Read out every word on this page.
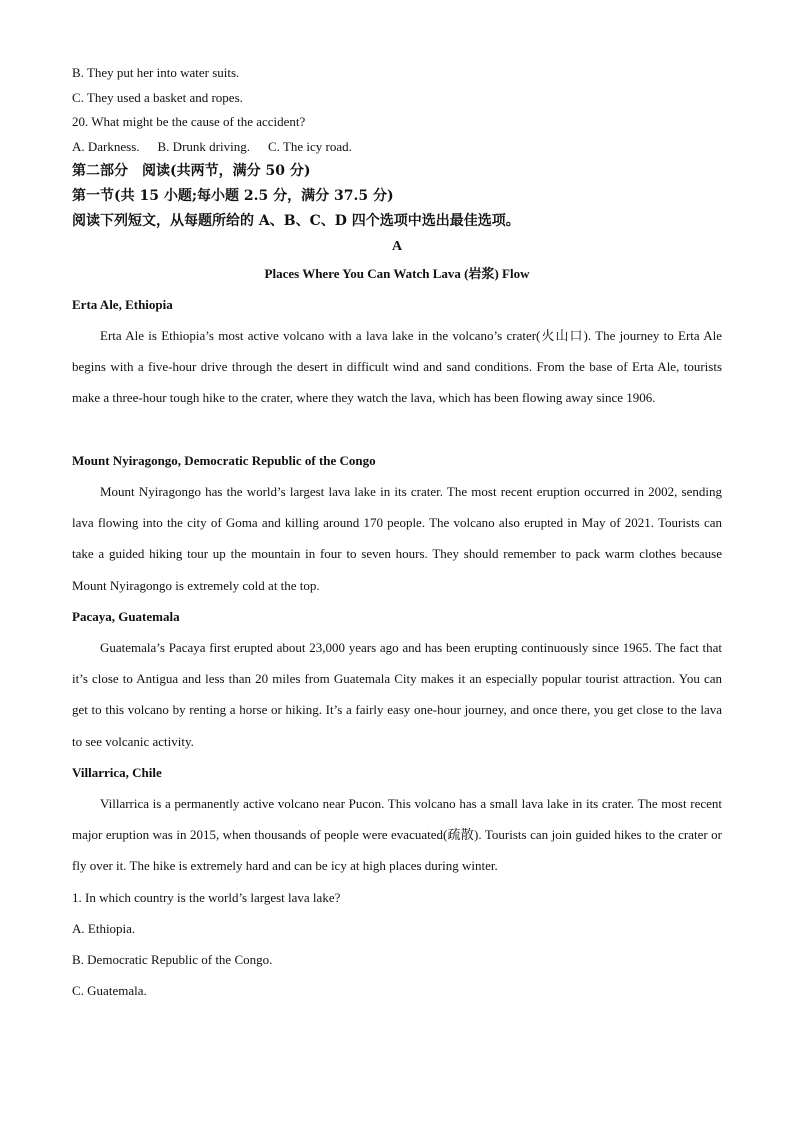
B. They put her into water suits.
C. They used a basket and ropes.
20. What might be the cause of the accident?
A. Darkness. B. Drunk driving. C. The icy road.
第二部分　阅读(共两节，满分 50 分)
第一节(共 15 小题;每小题 2.5 分，满分 37.5 分)
阅读下列短文，从每题所给的 A、B、C、D 四个选项中选出最佳选项。
A
Places Where You Can Watch Lava (岩浆) Flow
Erta Ale, Ethiopia
Erta Ale is Ethiopia’s most active volcano with a lava lake in the volcano’s crater(火山口). The journey to Erta Ale begins with a five-hour drive through the desert in difficult wind and sand conditions. From the base of Erta Ale, tourists make a three-hour tough hike to the crater, where they watch the lava, which has been flowing away since 1906.
Mount Nyiragongo, Democratic Republic of the Congo
Mount Nyiragongo has the world’s largest lava lake in its crater. The most recent eruption occurred in 2002, sending lava flowing into the city of Goma and killing around 170 people. The volcano also erupted in May of 2021. Tourists can take a guided hiking tour up the mountain in four to seven hours. They should remember to pack warm clothes because Mount Nyiragongo is extremely cold at the top.
Pacaya, Guatemala
Guatemala’s Pacaya first erupted about 23,000 years ago and has been erupting continuously since 1965. The fact that it’s close to Antigua and less than 20 miles from Guatemala City makes it an especially popular tourist attraction. You can get to this volcano by renting a horse or hiking. It’s a fairly easy one-hour journey, and once there, you get close to the lava to see volcanic activity.
Villarrica, Chile
Villarrica is a permanently active volcano near Pucon. This volcano has a small lava lake in its crater. The most recent major eruption was in 2015, when thousands of people were evacuated(疏散). Tourists can join guided hikes to the crater or fly over it. The hike is extremely hard and can be icy at high places during winter.
1. In which country is the world’s largest lava lake?
A. Ethiopia.
B. Democratic Republic of the Congo.
C. Guatemala.
